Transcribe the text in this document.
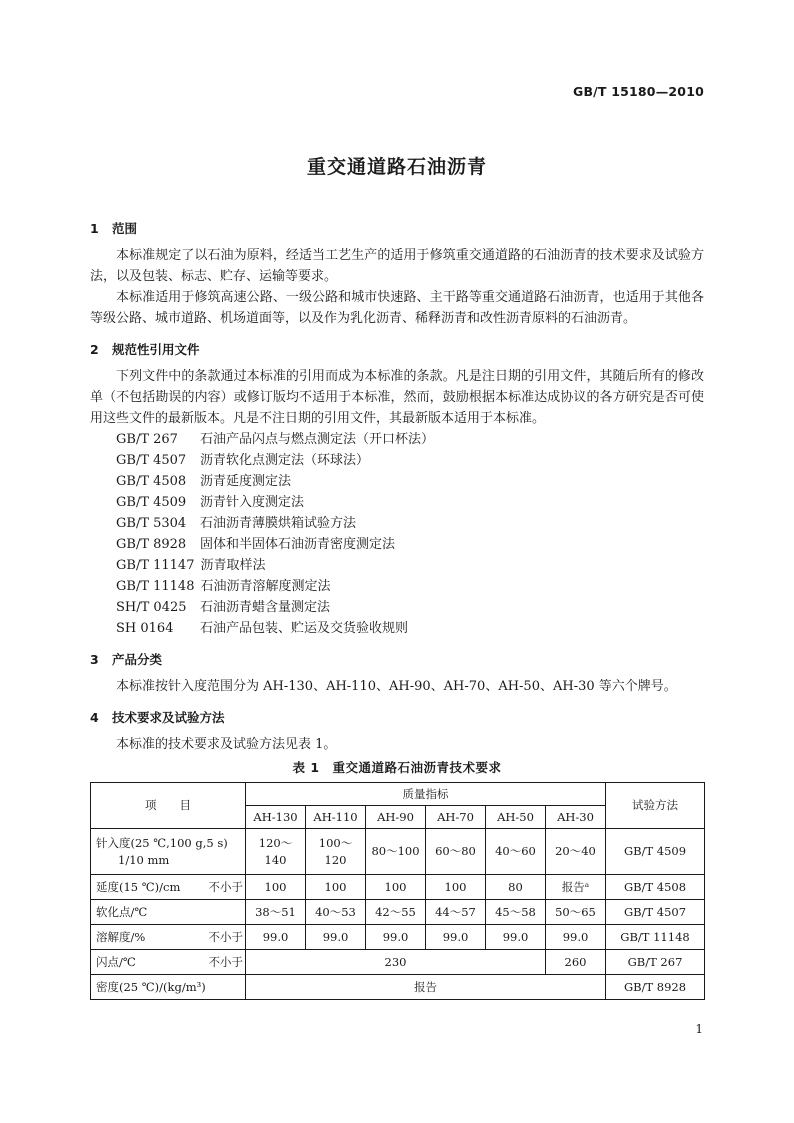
GB/T 15180—2010
重交通道路石油沥青

1 范围

本标准规定了以石油为原料，经适当工艺生产的适用于修筑重交通道路的石油沥青的技术要求及试验方法，以及包装、标志、贮存、运输等要求。

本标准适用于修筑高速公路、一级公路和城市快速路、主干路等重交通道路石油沥青，也适用于其他各等级公路、城市道路、机场道面等，以及作为乳化沥青、稀释沥青和改性沥青原料的石油沥青。

2 规范性引用文件

下列文件中的条款通过本标准的引用而成为本标准的条款。凡是注日期的引用文件，其随后所有的修改单（不包括勘误的内容）或修订版均不适用于本标准，然而，鼓励根据本标准达成协议的各方研究是否可使用这些文件的最新版本。凡是不注日期的引用文件，其最新版本适用于本标准。

GB/T 267 石油产品闪点与燃点测定法（开口杯法）
GB/T 4507 沥青软化点测定法（环球法）
GB/T 4508 沥青延度测定法
GB/T 4509 沥青针入度测定法
GB/T 5304 石油沥青薄膜烘箱试验方法
GB/T 8928 固体和半固体石油沥青密度测定法
GB/T 11147 沥青取样法
GB/T 11148 石油沥青溶解度测定法
SH/T 0425 石油沥青蜡含量测定法
SH 0164 石油产品包装、贮运及交货验收规则

3 产品分类

本标准按针入度范围分为 AH-130、AH-110、AH-90、AH-70、AH-50、AH-30 等六个牌号。

4 技术要求及试验方法

本标准的技术要求及试验方法见表 1。

表 1　重交通道路石油沥青技术要求
项　　目	质量指标						试验方法
	AH-130	AH-110	AH-90	AH-70	AH-50	AH-30	

针入度(25 ℃,100 g,5 s)
1/10 mm	120～140	100～120	80～100	60～80	40～60	20～40	GB/T 4509

延度(15 ℃)/cm 不小于	100	100	100	100	80	报告ᵃ	GB/T 4508
软化点/℃	38～51	40～53	42～55	44～57	45～58	50～65	GB/T 4507

溶解度/% 不小于	99.0	99.0	99.0	99.0	99.0	99.0	GB/T 11148

闪点/℃ 不小于	230					260	GB/T 267
密度(25 ℃)/(kg/m³)	报告						GB/T 8928
1
